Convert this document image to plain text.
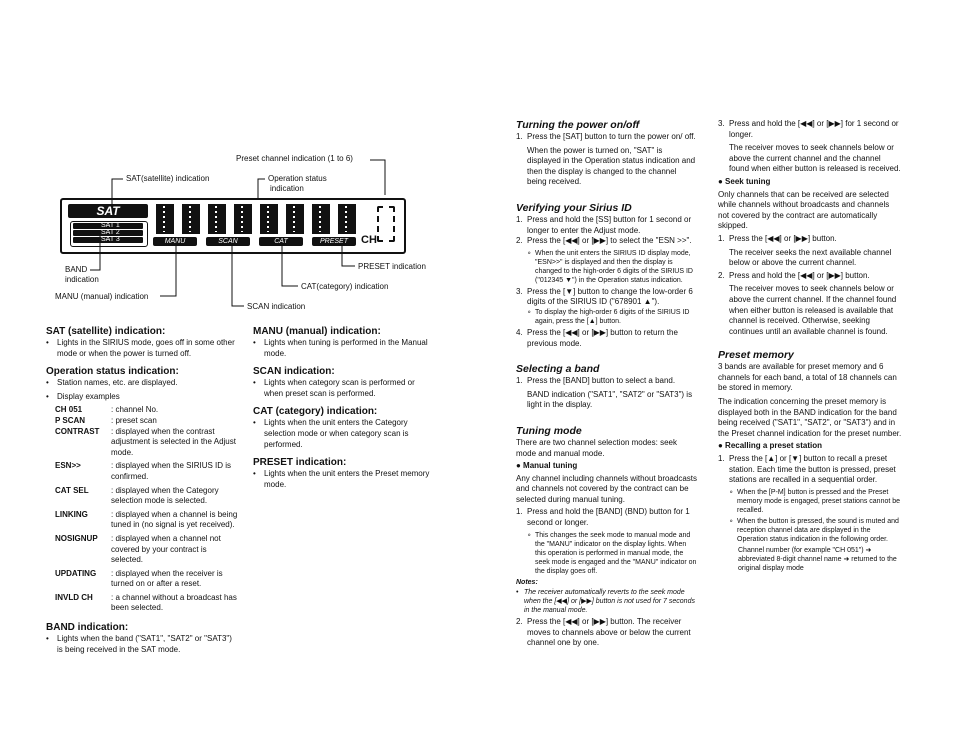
Preset channel indication (1 to 6)
SAT(satellite) indication	Operation status
indication
BAND
indication
MANU (manual) indication
PRESET indication
CAT(category) indication
SCAN indication
SAT
SAT 1
SAT 2
SAT 3	MANU	SCAN	CAT	PRESET	CH
8

SAT (satellite) indication:

•	Lights in the SIRIUS mode, goes off in some other mode or when the power is turned off.

Operation status indication:

•	Station names, etc. are displayed.
•	Display examples
CH 051	: channel No.
P SCAN	: preset scan
CONTRAST	: displayed when the contrast adjustment is selected in the Adjust mode.
ESN>>	: displayed when the SIRIUS ID is confirmed.
CAT SEL	: displayed when the Category selection mode is selected.
LINKING	: displayed when a channel is being tuned in (no signal is yet received).
NOSIGNUP	: displayed when a channel not covered by your contract is selected.
UPDATING	: displayed when the receiver is turned on or after a reset.
INVLD CH	: a channel without a broadcast has been selected.

BAND indication:

•	Lights when the band ("SAT1", "SAT2" or "SAT3") is being received in the SAT mode.

MANU (manual) indication:

•	Lights when tuning is performed in the Manual mode.

SCAN indication:

•	Lights when category scan is performed or when preset scan is performed.

CAT (category) indication:

•	Lights when the unit enters the Category selection mode or when category scan is performed.

PRESET indication:

•	Lights when the unit enters the Preset memory mode.

Turning the power on/off

1. Press the [SAT] button to turn the power on/ off.

When the power is turned on, "SAT" is displayed in the Operation status indication and then the display is changed to the channel being received.

Verifying your Sirius ID

1. Press and hold the [SS] button for 1 second or longer to enter the Adjust mode.
2. Press the [◀◀] or [▶▶] to select the "ESN >>".
∘ When the unit enters the SIRIUS ID display mode, "ESN>>" is displayed and then the display is changed to the high-order 6 digits of the SIRIUS ID ("012345 ▼") in the Operation status indication.
3. Press the [▼] button to change the low-order 6 digits of the SIRIUS ID ("678901 ▲").
∘ To display the high-order 6 digits of the SIRIUS ID again, press the [▲] button.
4. Press the [◀◀] or [▶▶] button to return the previous mode.

Selecting a band

1. Press the [BAND] button to select a band.

BAND indication ("SAT1", "SAT2" or "SAT3") is light in the display.

Tuning mode

There are two channel selection modes: seek mode and manual mode.

● Manual tuning

Any channel including channels without broadcasts and channels not covered by the contract can be selected during manual tuning.

1. Press and hold the [BAND] (BND) button for 1 second or longer.
∘ This changes the seek mode to manual mode and the "MANU" indicator on the display lights. When this operation is performed in manual mode, the seek mode is engaged and the "MANU" indicator on the display goes off.

Notes:

• The receiver automatically reverts to the seek mode when the [◀◀] or [▶▶] button is not used for 7 seconds in the manual mode.
2. Press the [◀◀] or [▶▶] button. The receiver moves to channels above or below the current channel one by one.
3. Press and hold the [◀◀] or [▶▶] for 1 second or longer.

The receiver moves to seek channels below or above the current channel and the channel found when either button is released is received.

● Seek tuning

Only channels that can be received are selected while channels without broadcasts and channels not covered by the contract are automatically skipped.

1. Press the [◀◀] or [▶▶] button.

The receiver seeks the next available channel below or above the current channel.

2. Press and hold the [◀◀] or [▶▶] button.

The receiver moves to seek channels below or above the current channel. If the channel found when either button is released is available that channel is received. Otherwise, seeking continues until an available channel is found.

Preset memory

3 bands are available for preset memory and 6 channels for each band, a total of 18 channels can be stored in memory.

The indication concerning the preset memory is displayed both in the BAND indication for the band being received ("SAT1", "SAT2", or "SAT3") and in the Preset channel indication for the preset number.

● Recalling a preset station

1. Press the [▲] or [▼] button to recall a preset station. Each time the button is pressed, preset stations are recalled in a sequential order.
∘ When the [P-M] button is pressed and the Preset memory mode is engaged, preset stations cannot be recalled.
∘ When the button is pressed, the sound is muted and reception channel data are displayed in the Operation status indication in the following order.

Channel number (for example "CH 051") ➜ abbreviated 8-digit channel name ➜ returned to the original display mode
